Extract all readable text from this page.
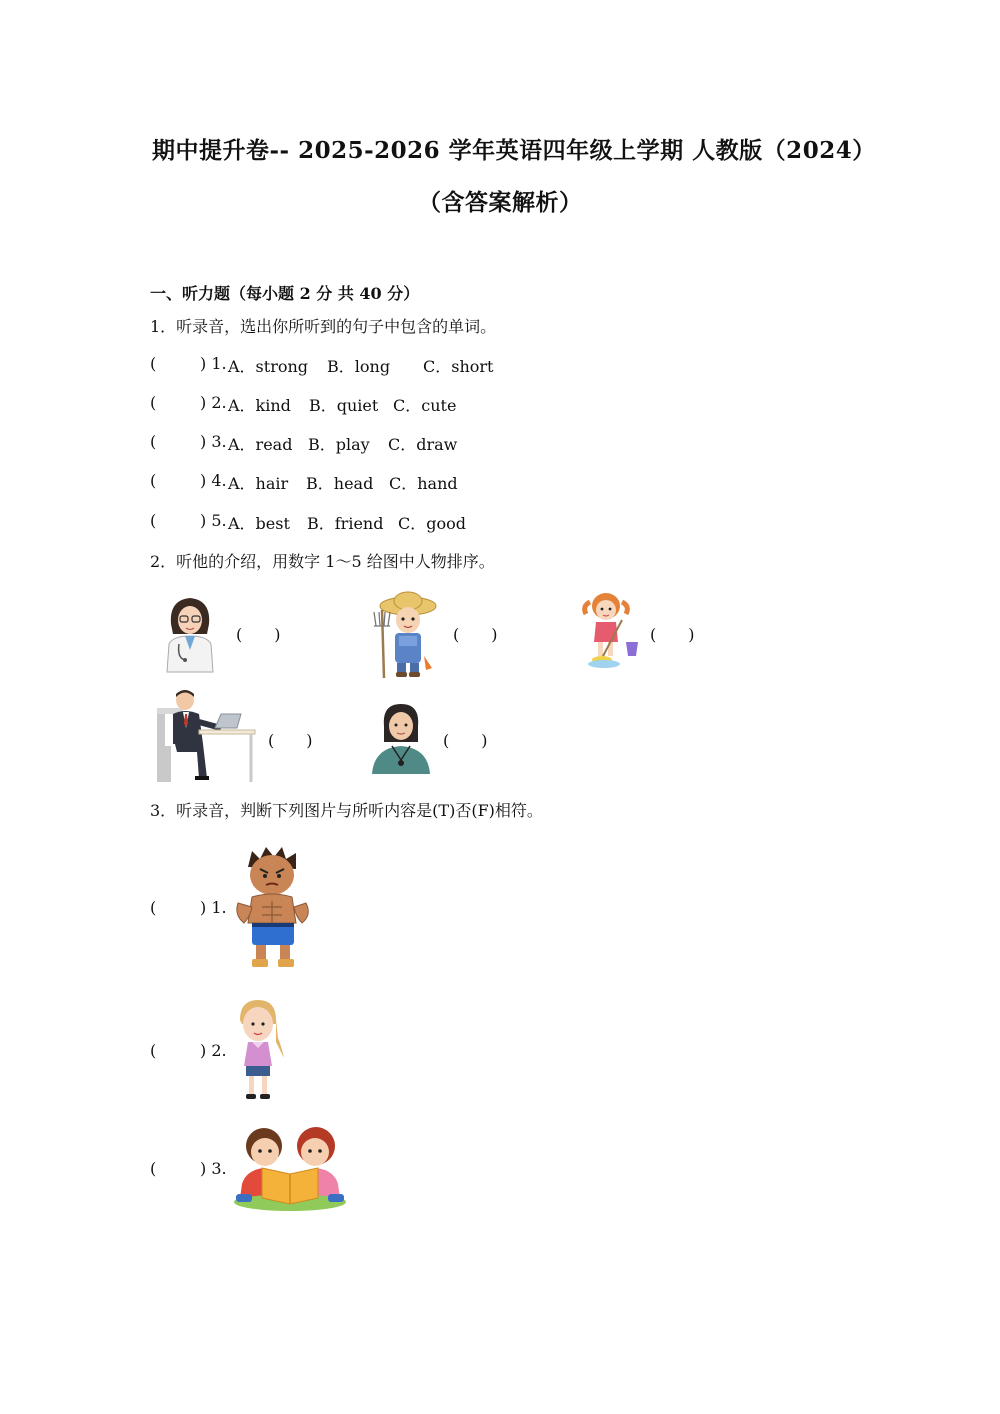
期中提升卷-- 2025-2026 学年英语四年级上学期 人教版（2024）
（含答案解析）
一、听力题（每小题 2 分 共 40 分）
1．听录音，选出你所听到的句子中包含的单词。
(	) 1. A．strong B．long C．short
(	) 2. A．kind B．quiet C．cute
(	) 3. A．read B．play C．draw
(	) 4. A．hair B．head C．hand
(	) 5. A．best B．friend C．good
2．听他的介绍，用数字 1～5 给图中人物排序。
(　　)	(　　)	(　　)
(　　)	(　　)
3．听录音，判断下列图片与所听内容是(T)否(F)相符。
(	) 1.
(	) 2.
(	) 3.
